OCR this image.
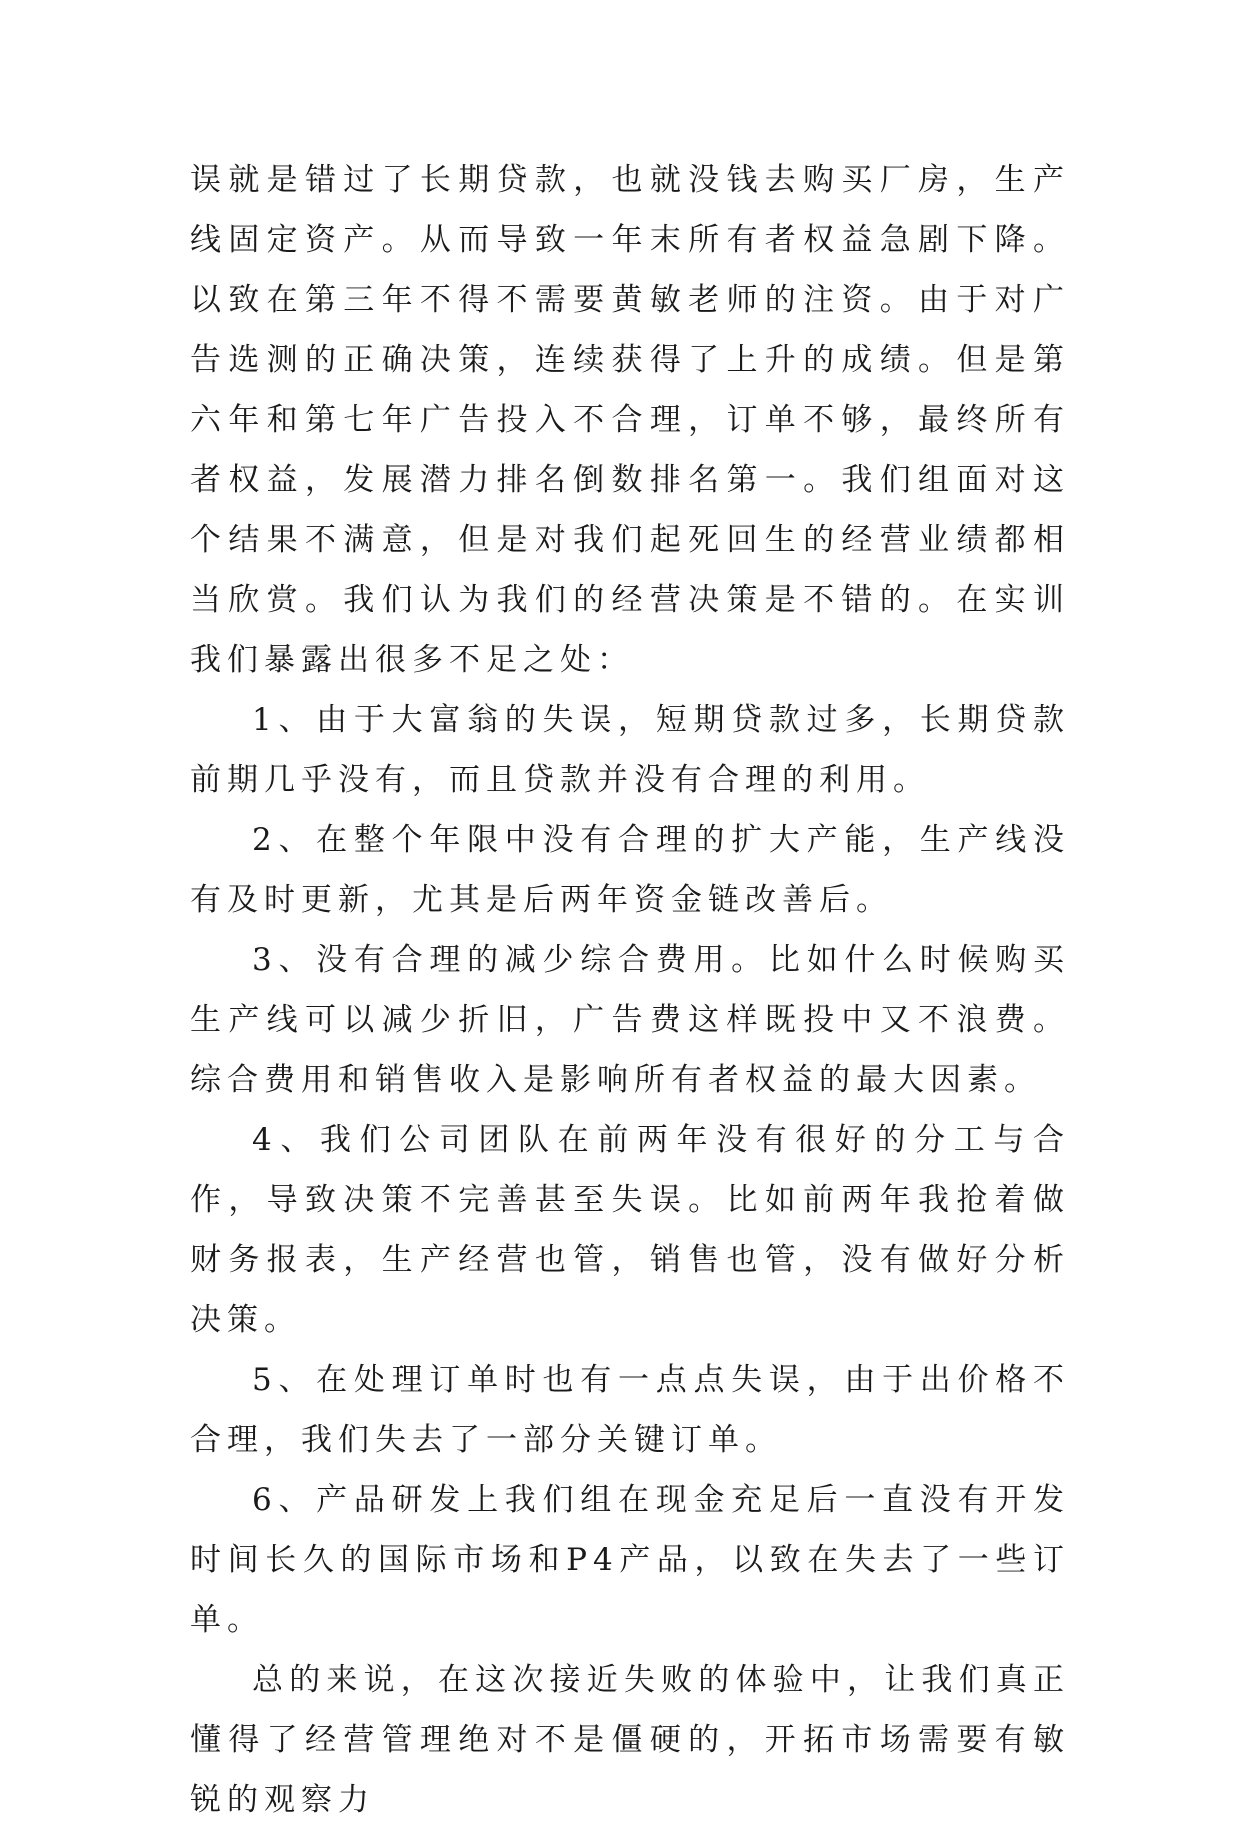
误就是错过了长期贷款，也就没钱去购买厂房，生产线固定资产。从而导致一年末所有者权益急剧下降。以致在第三年不得不需要黄敏老师的注资。由于对广告选测的正确决策，连续获得了上升的成绩。但是第六年和第七年广告投入不合理，订单不够，最终所有者权益，发展潜力排名倒数排名第一。我们组面对这个结果不满意，但是对我们起死回生的经营业绩都相当欣赏。我们认为我们的经营决策是不错的。在实训我们暴露出很多不足之处：

1、由于大富翁的失误，短期贷款过多，长期贷款前期几乎没有，而且贷款并没有合理的利用。

2、在整个年限中没有合理的扩大产能，生产线没有及时更新，尤其是后两年资金链改善后。

3、没有合理的减少综合费用。比如什么时候购买生产线可以减少折旧，广告费这样既投中又不浪费。综合费用和销售收入是影响所有者权益的最大因素。

4、我们公司团队在前两年没有很好的分工与合作，导致决策不完善甚至失误。比如前两年我抢着做财务报表，生产经营也管，销售也管，没有做好分析决策。

5、在处理订单时也有一点点失误，由于出价格不合理，我们失去了一部分关键订单。

6、产品研发上我们组在现金充足后一直没有开发时间长久的国际市场和P4产品，以致在失去了一些订单。

总的来说，在这次接近失败的体验中，让我们真正懂得了经营管理绝对不是僵硬的，开拓市场需要有敏锐的观察力
